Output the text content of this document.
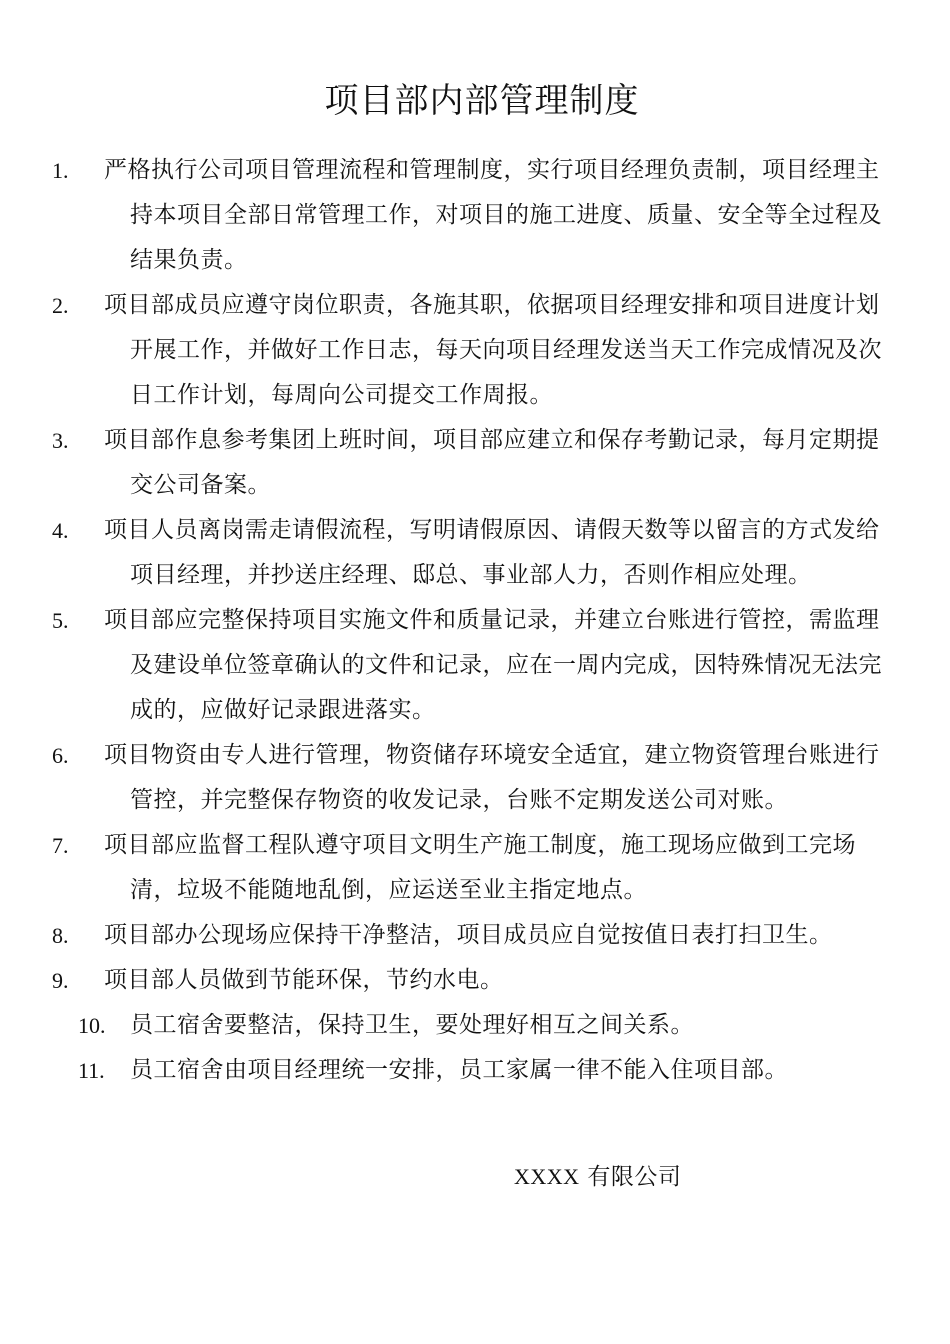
项目部内部管理制度
1.	严格执行公司项目管理流程和管理制度，实行项目经理负责制，项目经理主持本项目全部日常管理工作，对项目的施工进度、质量、安全等全过程及结果负责。
2.	项目部成员应遵守岗位职责，各施其职，依据项目经理安排和项目进度计划开展工作，并做好工作日志，每天向项目经理发送当天工作完成情况及次日工作计划，每周向公司提交工作周报。
3.	项目部作息参考集团上班时间，项目部应建立和保存考勤记录，每月定期提交公司备案。
4.	项目人员离岗需走请假流程，写明请假原因、请假天数等以留言的方式发给项目经理，并抄送庄经理、邸总、事业部人力，否则作相应处理。
5.	项目部应完整保持项目实施文件和质量记录，并建立台账进行管控，需监理及建设单位签章确认的文件和记录，应在一周内完成，因特殊情况无法完成的，应做好记录跟进落实。
6.	项目物资由专人进行管理，物资储存环境安全适宜，建立物资管理台账进行管控，并完整保存物资的收发记录，台账不定期发送公司对账。
7.	项目部应监督工程队遵守项目文明生产施工制度，施工现场应做到工完场清，垃圾不能随地乱倒，应运送至业主指定地点。
8.	项目部办公现场应保持干净整洁，项目成员应自觉按值日表打扫卫生。
9.	项目部人员做到节能环保，节约水电。
10. 员工宿舍要整洁，保持卫生，要处理好相互之间关系。
11. 员工宿舍由项目经理统一安排，员工家属一律不能入住项目部。
XXXX 有限公司
